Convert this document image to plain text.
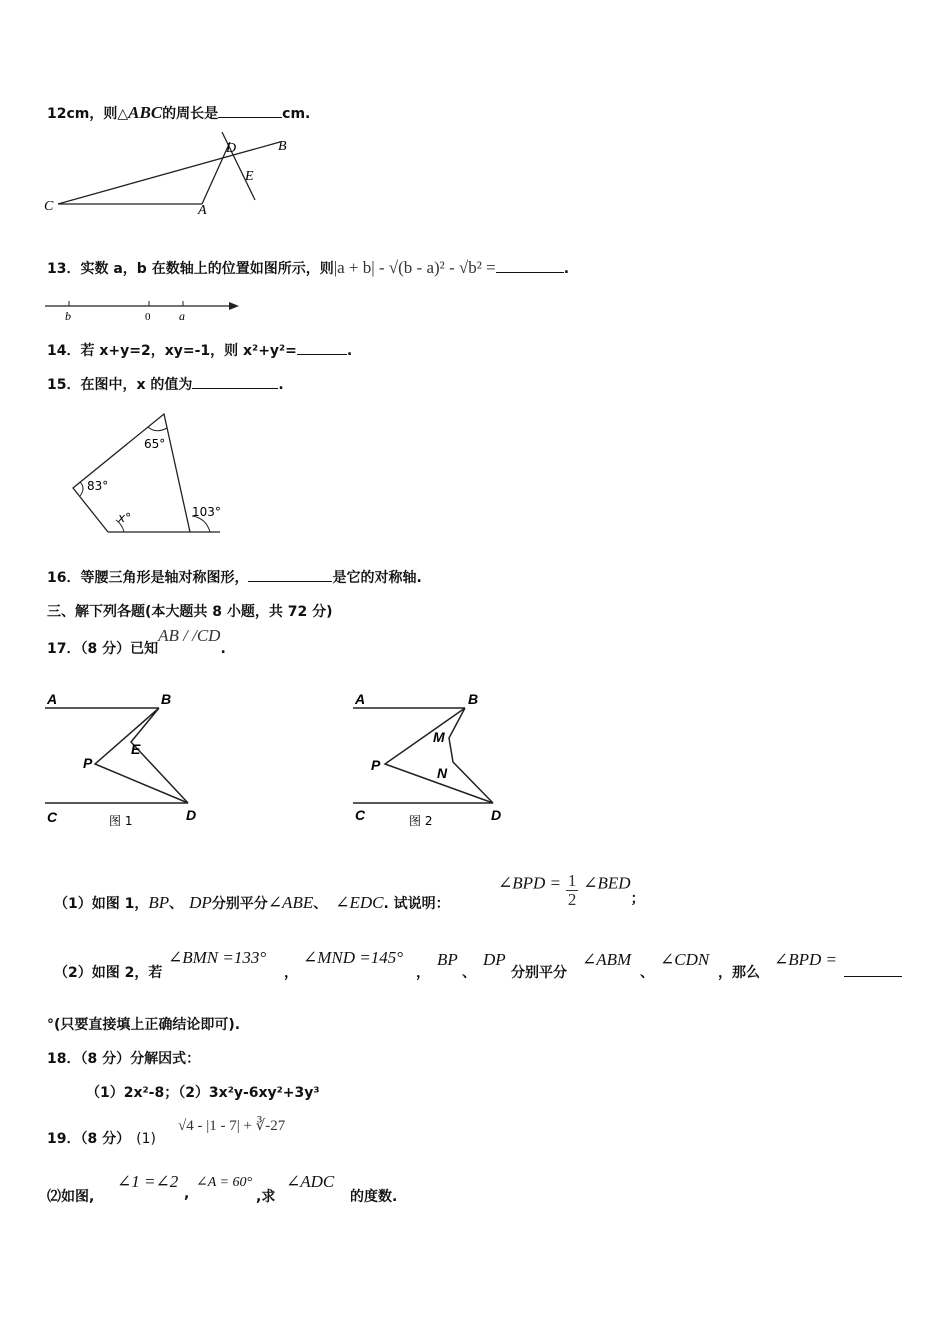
12cm，则△ABC的周长是	cm.
C	A
D	B
E
13．实数 a，b 在数轴上的位置如图所示，则|a + b| - √(b - a)² - √b² =	.
b	0 a
14．若 x+y=2，xy=-1，则 x²+y²=	.
15．在图中，x 的值为	.
65°
83°
x°	103°
16．等腰三角形是轴对称图形，	是它的对称轴.
三、解下列各题(本大题共 8 小题，共 72 分)
17．（8 分）已知AB / /CD.
A	B
C	D
P
E
图 1
A	B
C	D
P
M
N
图 2
（1）如图 1，BP、 DP分别平分∠ABE、 ∠EDC. 试说明：
∠BPD = $\frac{1}{2}$ ∠BED；
（2）如图 2，若
∠BMN =133°
，
∠MND =145°
，
BP
、
DP
分别平分
∠ABM
、
∠CDN
，那么
∠BPD =
°(只要直接填上正确结论即可).
18．（8 分）分解因式：
（1）2x²-8；（2）3x²y-6xy²+3y³
19．（8 分） (1)
√4 - |1 - 7| + ∛-27
⑵如图,
∠1 =∠2
,
∠A = 60°
,求
∠ADC
的度数.
